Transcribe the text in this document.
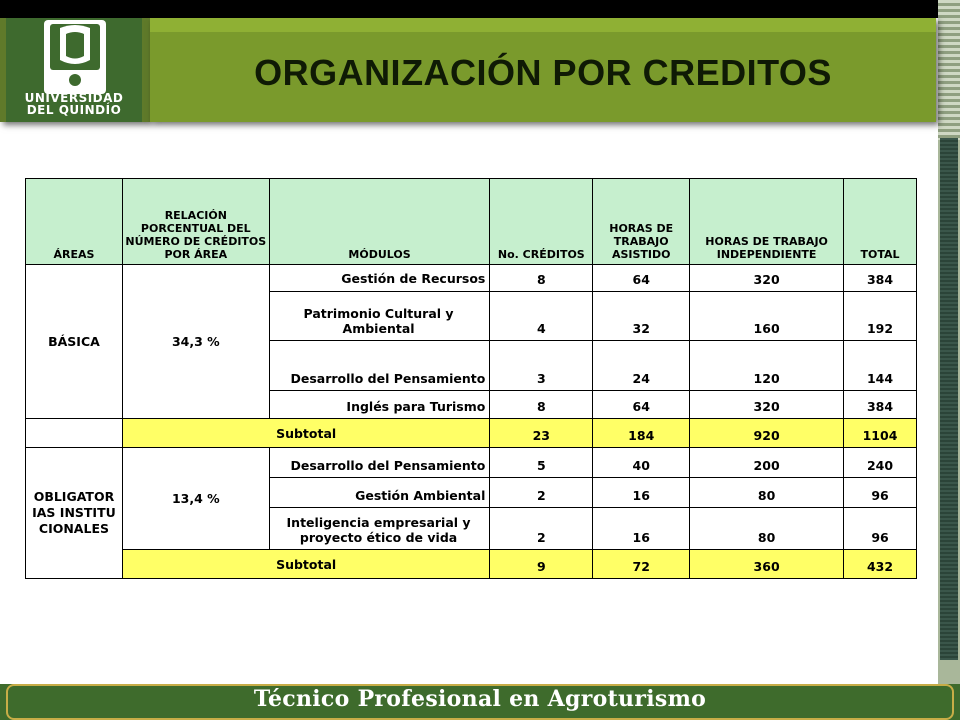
UNIVERSIDAD
DEL QUINDÍO
ORGANIZACIÓN POR CREDITOS
ÁREAS	RELACIÓN PORCENTUAL DEL NÚMERO DE CRÉDITOS POR ÁREA	MÓDULOS	No. CRÉDITOS	HORAS DE TRABAJO ASISTIDO	HORAS DE TRABAJO INDEPENDIENTE	TOTAL
BÁSICA	34,3 %	Gestión de Recursos	8	64	320	384
		Patrimonio Cultural y Ambiental	4	32	160	192
		Desarrollo del Pensamiento	3	24	120	144
		Inglés para Turismo	8	64	320	384
	Subtotal		23	184	920	1104
OBLIGATORIAS INSTITUCIONALES	13,4 %	Desarrollo del Pensamiento	5	40	200	240
		Gestión Ambiental	2	16	80	96
		Inteligencia empresarial y proyecto ético de vida	2	16	80	96
	Subtotal		9	72	360	432
Técnico Profesional en Agroturismo
